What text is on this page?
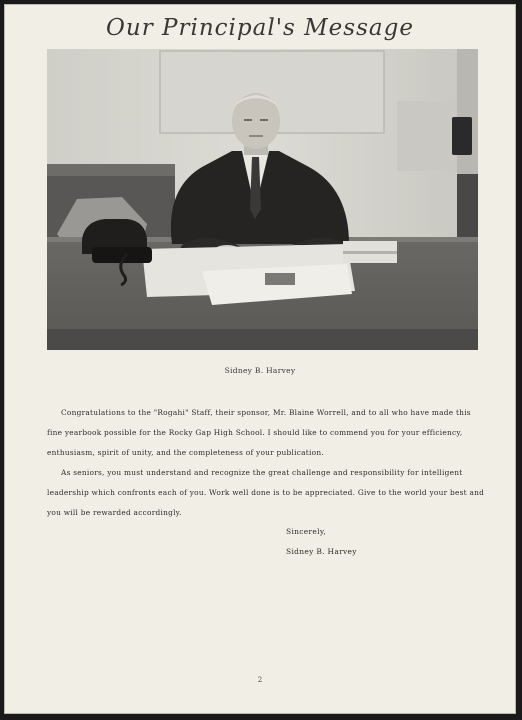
Our Principal's Message
Sidney B. Harvey

Congratulations to the "Rogahi" Staff, their sponsor, Mr. Blaine Worrell, and to all who have made this fine yearbook possible for the Rocky Gap High School. I should like to commend you for your efficiency, enthusiasm, spirit of unity, and the completeness of your publication.

As seniors, you must understand and recognize the great challenge and responsibility for intelligent leadership which confronts each of you. Work well done is to be appreciated. Give to the world your best and you will be rewarded accordingly.

Sincerely,
Sidney B. Harvey
2
